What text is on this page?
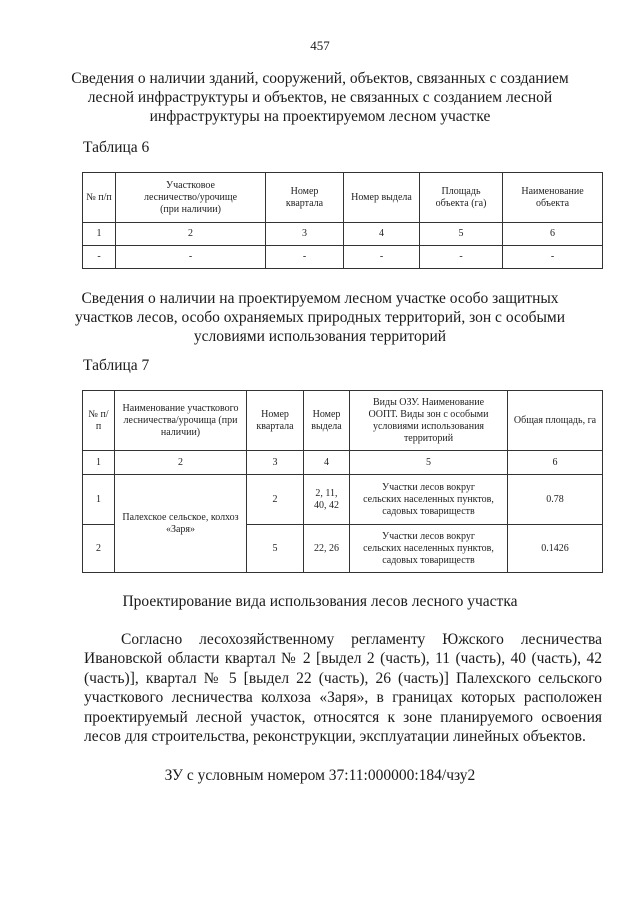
457
Сведения о наличии зданий, сооружений, объектов, связанных с созданием лесной инфраструктуры и объектов, не связанных с созданием лесной инфраструктуры на проектируемом лесном участке
Таблица 6
№ п/п	Участковое лесничество/урочище (при наличии)	Номер квартала	Номер выдела	Площадь объекта (га)	Наименование объекта
1	2	3	4	5	6
-	-	-	-	-	-
Сведения о наличии на проектируемом лесном участке особо защитных участков лесов, особо охраняемых природных территорий, зон с особыми условиями использования территорий
Таблица 7
№ п/п	Наименование участкового лесничества/урочища (при наличии)	Номер квартала	Номер выдела	Виды ОЗУ. Наименование ООПТ. Виды зон с особыми условиями использования территорий	Общая площадь, га
1	2	3	4	5	6
1	Палехское сельское, колхоз «Заря»	2	2, 11, 40, 42	Участки лесов вокруг сельских населенных пунктов, садовых товариществ	0.78
2		5	22, 26	Участки лесов вокруг сельских населенных пунктов, садовых товариществ	0.1426
Проектирование вида использования лесов лесного участка
Согласно лесохозяйственному регламенту Южского лесничества Ивановской области квартал № 2 [выдел 2 (часть), 11 (часть), 40 (часть), 42 (часть)], квартал № 5 [выдел 22 (часть), 26 (часть)] Палехского сельского участкового лесничества колхоза «Заря», в границах которых расположен проектируемый лесной участок, относятся к зоне планируемого освоения лесов для строительства, реконструкции, эксплуатации линейных объектов.
ЗУ с условным номером 37:11:000000:184/чзу2
